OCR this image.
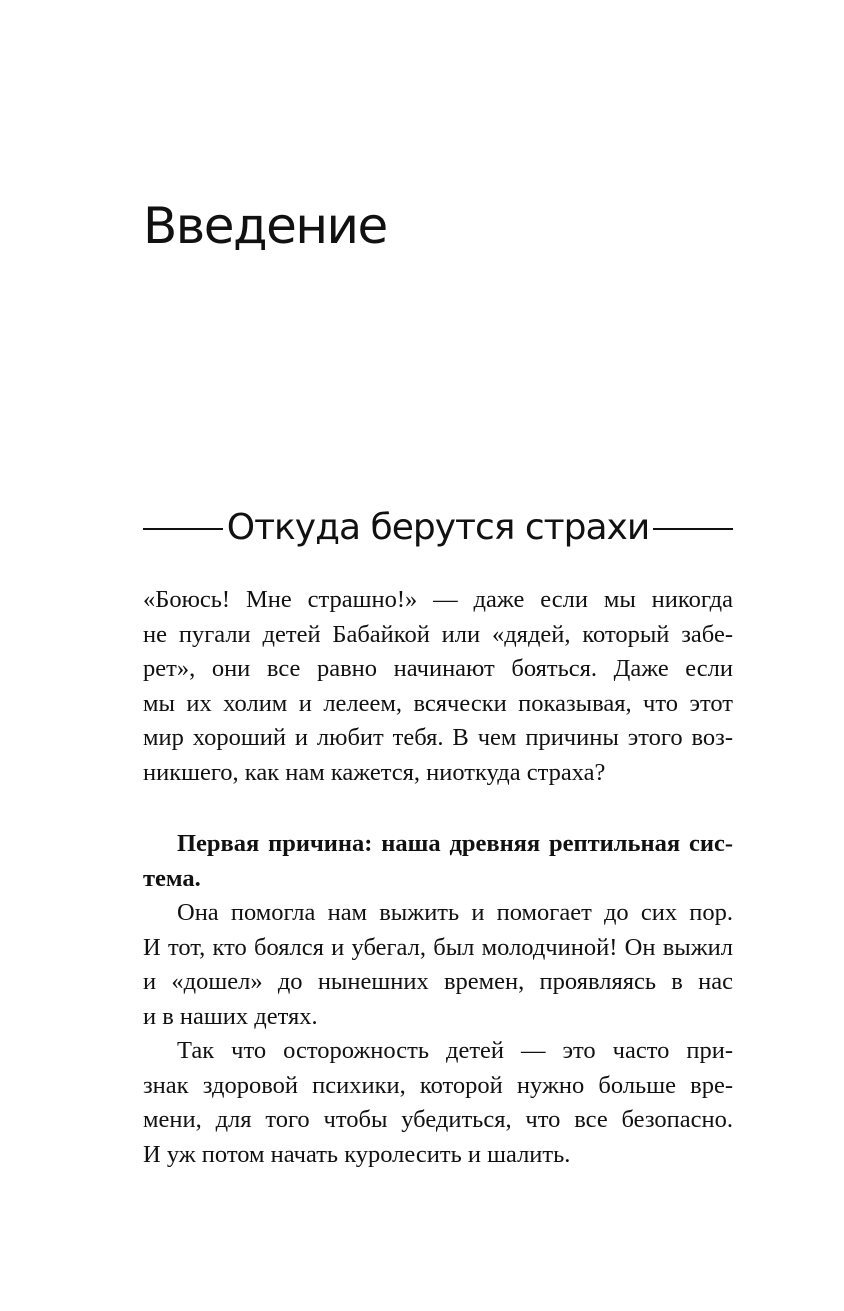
Введение
Откуда берутся страхи
«Боюсь! Мне страшно!» — даже если мы никогда
не пугали детей Бабайкой или «дядей, который забе-
рет», они все равно начинают бояться. Даже если
мы их холим и лелеем, всячески показывая, что этот
мир хороший и любит тебя. В чем причины этого воз-
никшего, как нам кажется, ниоткуда страха?
Первая причина: наша древняя рептильная сис-
тема.
Она помогла нам выжить и помогает до сих пор.
И тот, кто боялся и убегал, был молодчиной! Он выжил
и «дошел» до нынешних времен, проявляясь в нас
и в наших детях.
Так что осторожность детей — это часто при-
знак здоровой психики, которой нужно больше вре-
мени, для того чтобы убедиться, что все безопасно.
И уж потом начать куролесить и шалить.
